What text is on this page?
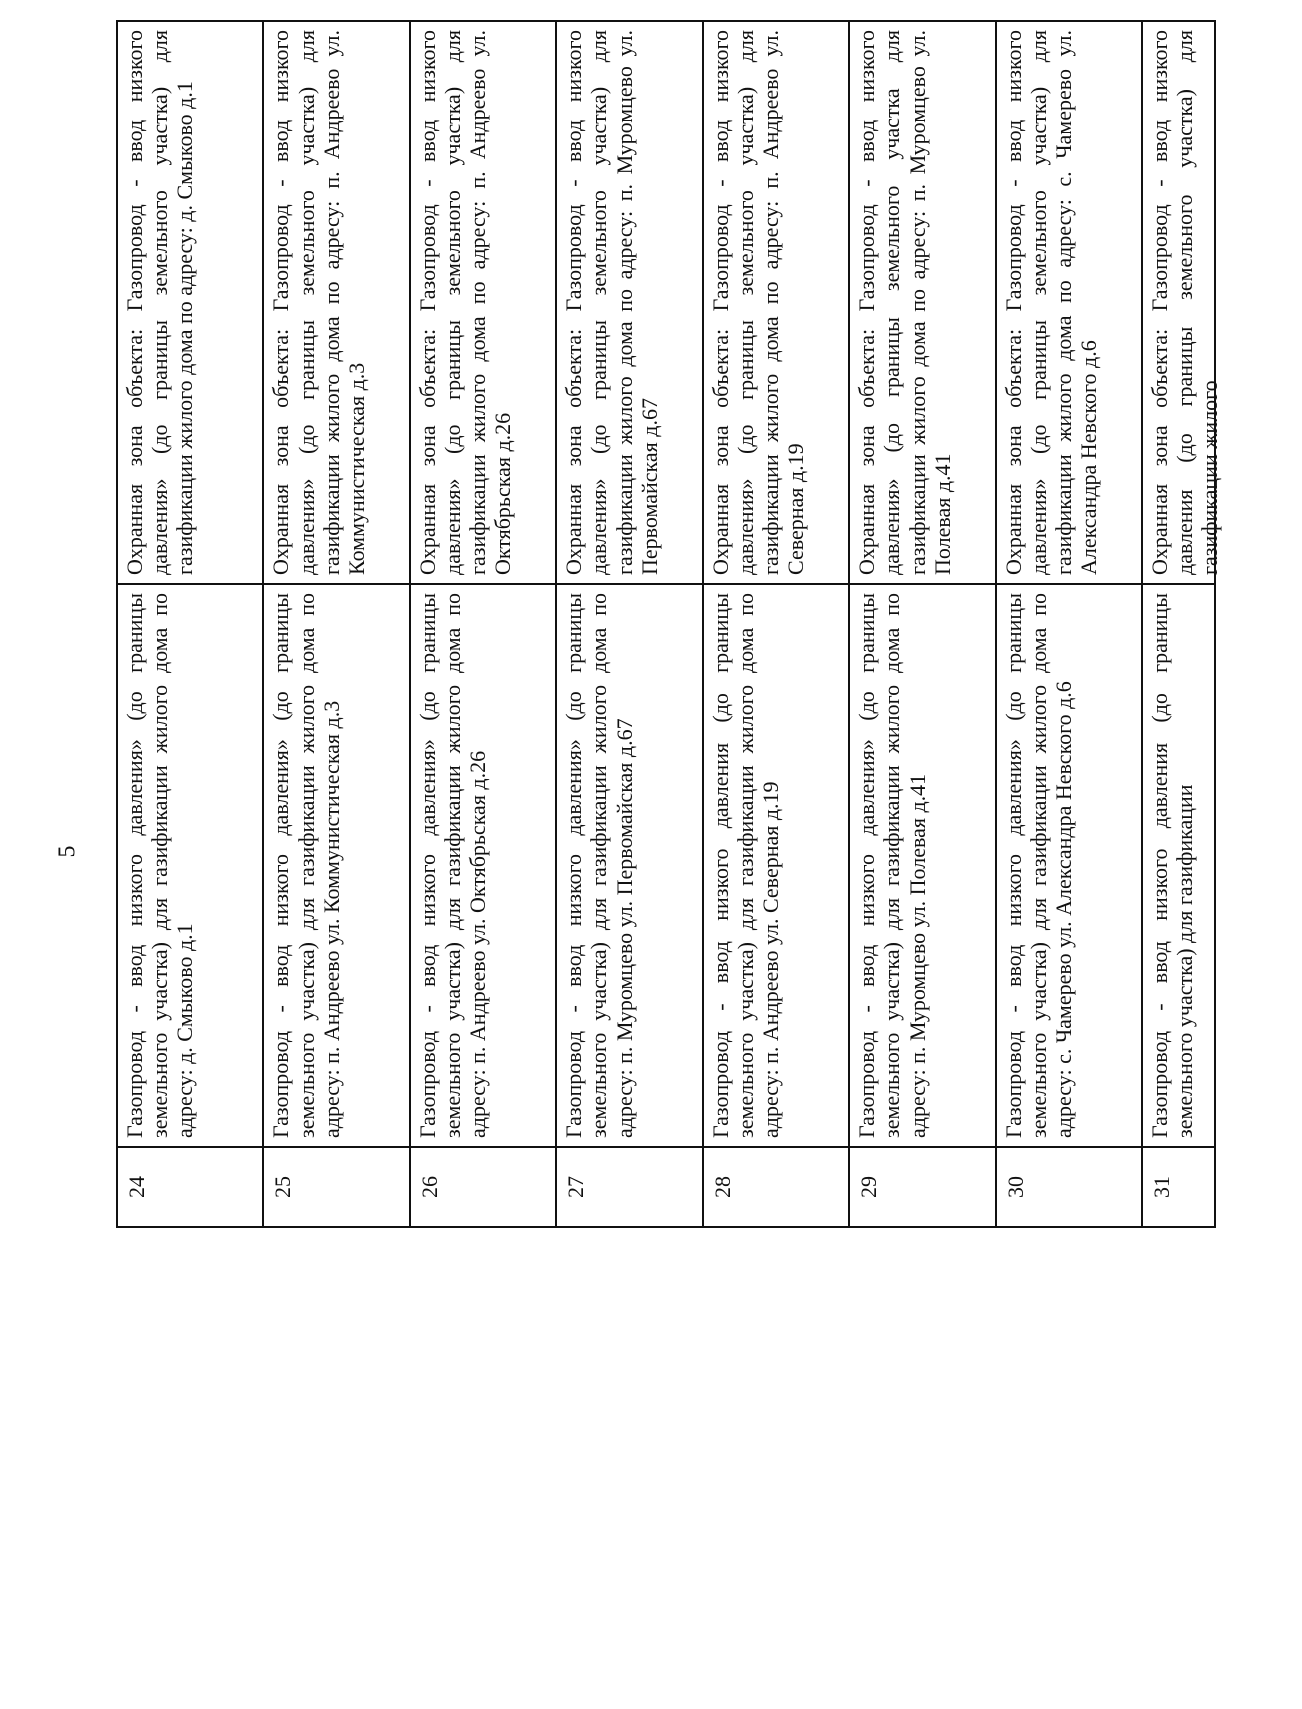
5
24	Газопровод - ввод низкого давления» (до границы земельного участка) для газификации жилого дома по адресу: д. Смыково д.1	Охранная зона объекта: Газопровод - ввод низкого давления» (до границы земельного участка) для газификации жилого дома по адресу: д. Смыково д.1
25	Газопровод - ввод низкого давления» (до границы земельного участка) для газификации жилого дома по адресу: п. Андреево ул. Коммунистическая д.3	Охранная зона объекта: Газопровод - ввод низкого давления» (до границы земельного участка) для газификации жилого дома по адресу: п. Андреево ул. Коммунистическая д.3
26	Газопровод - ввод низкого давления» (до границы земельного участка) для газификации жилого дома по адресу: п. Андреево ул. Октябрьская д.26	Охранная зона объекта: Газопровод - ввод низкого давления» (до границы земельного участка) для газификации жилого дома по адресу: п. Андреево ул. Октябрьская д.26
27	Газопровод - ввод низкого давления» (до границы земельного участка) для газификации жилого дома по адресу: п. Муромцево ул. Первомайская д.67	Охранная зона объекта: Газопровод - ввод низкого давления» (до границы земельного участка) для газификации жилого дома по адресу: п. Муромцево ул. Первомайская д.67
28	Газопровод - ввод низкого давления (до границы земельного участка) для газификации жилого дома по адресу: п. Андреево ул. Северная д.19	Охранная зона объекта: Газопровод - ввод низкого давления» (до границы земельного участка) для газификации жилого дома по адресу: п. Андреево ул. Северная д.19
29	Газопровод - ввод низкого давления» (до границы земельного участка) для газификации жилого дома по адресу: п. Муромцево ул. Полевая д.41	Охранная зона объекта: Газопровод - ввод низкого давления» (до границы земельного участка для газификации жилого дома по адресу: п. Муромцево ул. Полевая д.41
30	Газопровод - ввод низкого давления» (до границы земельного участка) для газификации жилого дома по адресу: с. Чамерево ул. Александра Невского д.6	Охранная зона объекта: Газопровод - ввод низкого давления» (до границы земельного участка) для газификации жилого дома по адресу: с. Чамерево ул. Александра Невского д.6
31	Газопровод - ввод низкого давления (до границы земельного участка) для газификации	Охранная зона объекта: Газопровод - ввод низкого давления (до границы земельного участка) для газификации жилого
